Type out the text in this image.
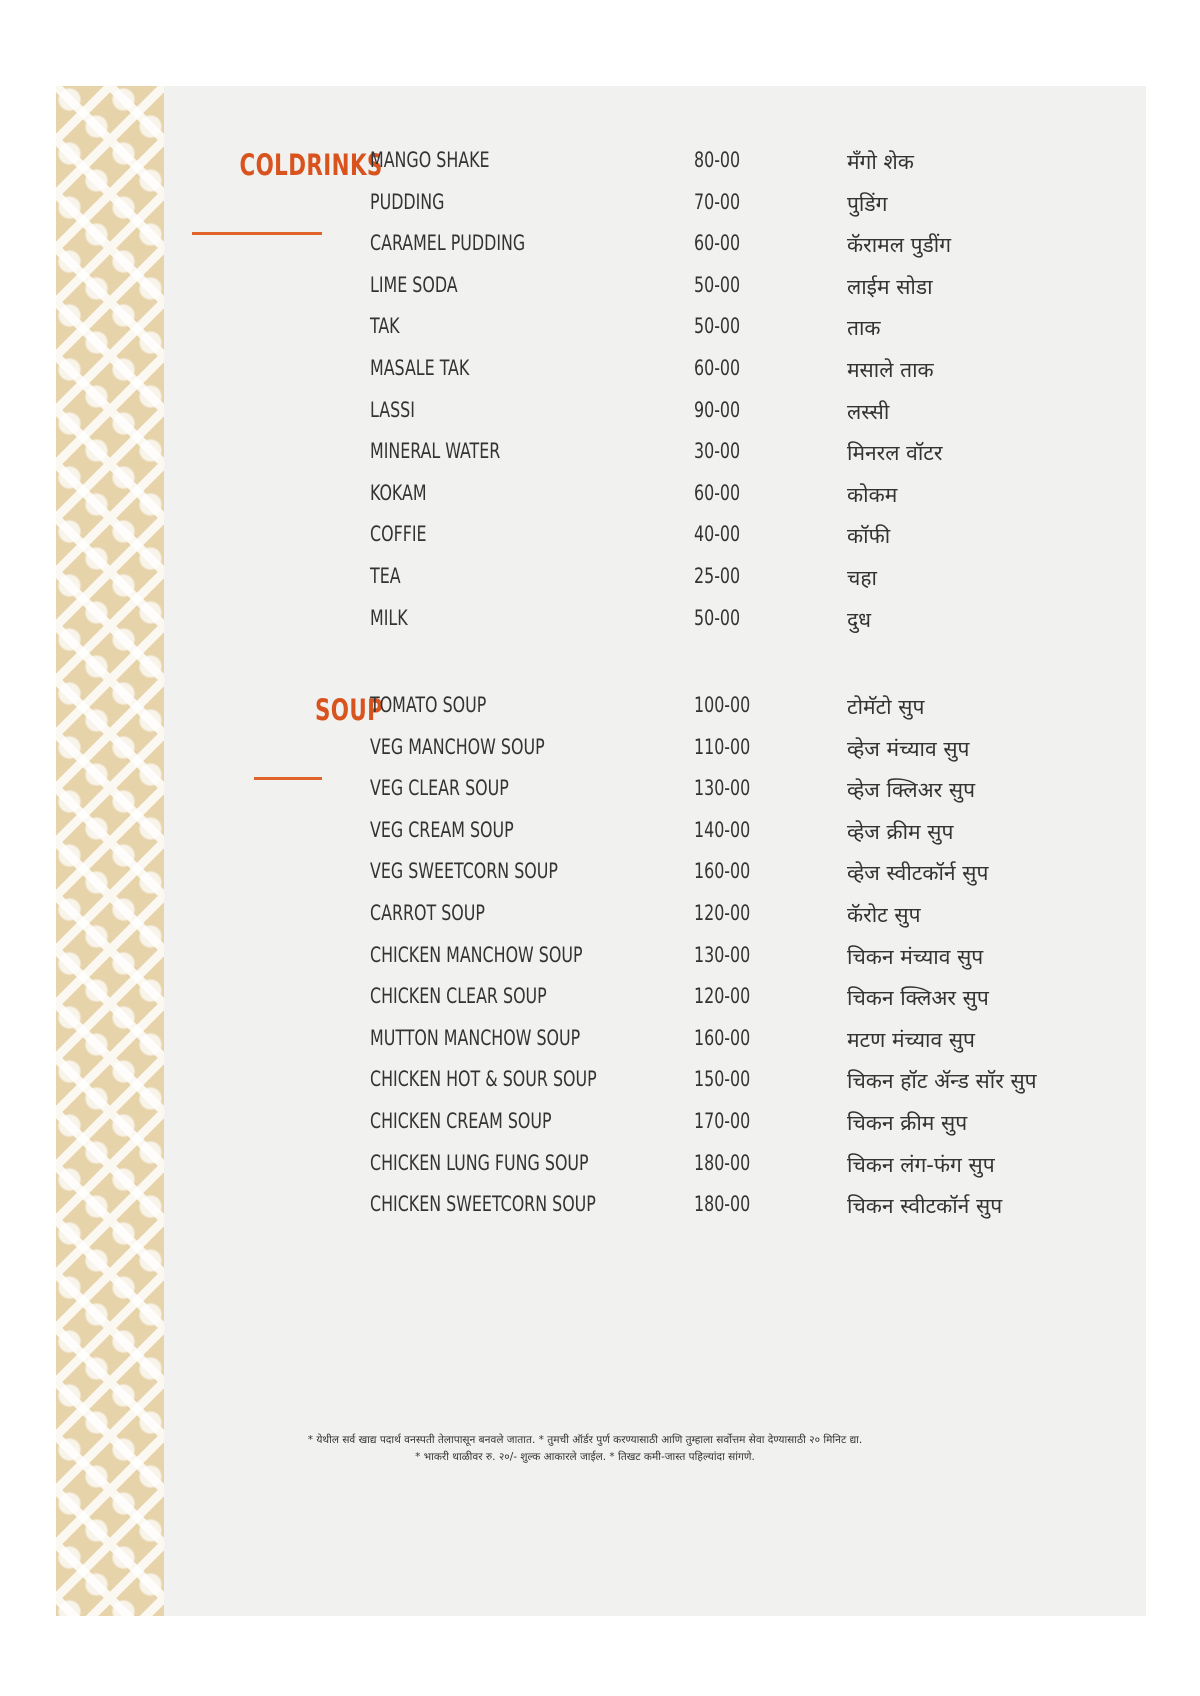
COLDRINKS
MANGO SHAKE	80-00	मँगो शेक
PUDDING	70-00	पुडिंग
CARAMEL PUDDING	60-00	कॅरामल पुडींग
LIME SODA	50-00	लाईम सोडा
TAK	50-00	ताक
MASALE TAK	60-00	मसाले ताक
LASSI	90-00	लस्सी
MINERAL WATER	30-00	मिनरल वॉटर
KOKAM	60-00	कोकम
COFFIE	40-00	कॉफी
TEA	25-00	चहा
MILK	50-00	दुध
SOUP
TOMATO SOUP	100-00	टोमॅटो सुप
VEG MANCHOW SOUP	110-00	व्हेज मंच्याव सुप
VEG CLEAR SOUP	130-00	व्हेज क्लिअर सुप
VEG CREAM SOUP	140-00	व्हेज क्रीम सुप
VEG SWEETCORN SOUP	160-00	व्हेज स्वीटकॉर्न सुप
CARROT SOUP	120-00	कॅरोट सुप
CHICKEN MANCHOW SOUP	130-00	चिकन मंच्याव सुप
CHICKEN CLEAR SOUP	120-00	चिकन क्लिअर सुप
MUTTON MANCHOW SOUP	160-00	मटण मंच्याव सुप
CHICKEN HOT & SOUR SOUP	150-00	चिकन हॉट ॲन्ड सॉर सुप
CHICKEN CREAM SOUP	170-00	चिकन क्रीम सुप
CHICKEN LUNG FUNG SOUP	180-00	चिकन लंग-फंग सुप
CHICKEN SWEETCORN SOUP	180-00	चिकन स्वीटकॉर्न सुप
* येथील सर्व खाद्य पदार्थ वनस्पती तेलापासून बनवले जातात. * तुमची ऑर्डर पुर्ण करण्यासाठी आणि तुम्हाला सर्वोत्तम सेवा देण्यासाठी २० मिनिट द्या.
* भाकरी थाळीवर रु. २०/- शुल्क आकारले जाईल. * तिखट कमी-जास्त पहिल्यांदा सांगणे.
